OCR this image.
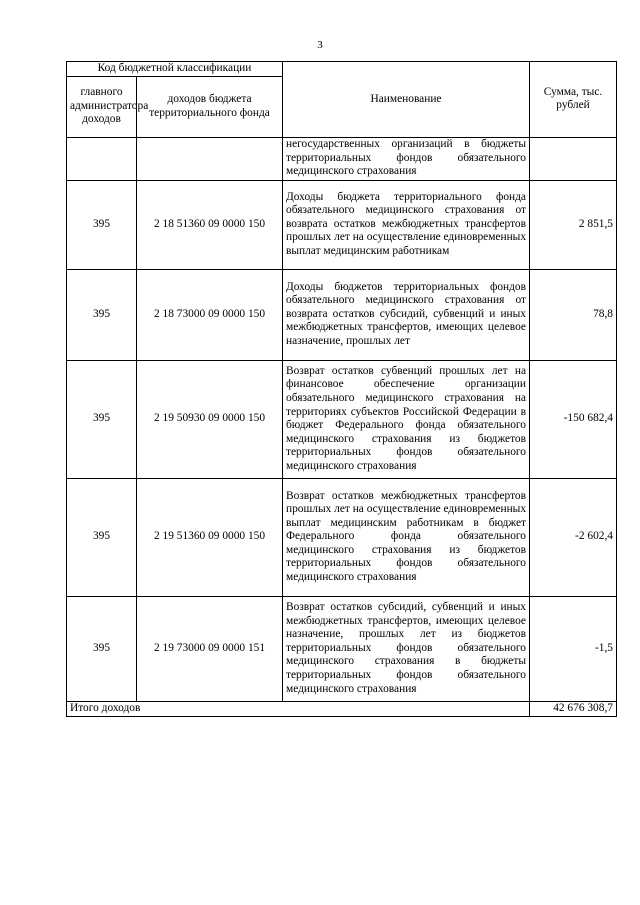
3
Код бюджетной классификации		Наименование	Сумма, тыс. рублей
главного администратора доходов	доходов бюджета территориального фонда		
		негосударственных организаций в бюджеты территориальных фондов обязательного медицинского страхования	
395	2 18 51360 09 0000 150	Доходы бюджета территориального фонда обязательного медицинского страхования от возврата остатков межбюджетных трансфертов прошлых лет на осуществление единовременных выплат медицинским работникам	2 851,5
395	2 18 73000 09 0000 150	Доходы бюджетов территориальных фондов обязательного медицинского страхования от возврата остатков субсидий, субвенций и иных межбюджетных трансфертов, имеющих целевое назначение, прошлых лет	78,8
395	2 19 50930 09 0000 150	Возврат остатков субвенций прошлых лет на финансовое обеспечение организации обязательного медицинского страхования на территориях субъектов Российской Федерации в бюджет Федерального фонда обязательного медицинского страхования из бюджетов территориальных фондов обязательного медицинского страхования	-150 682,4
395	2 19 51360 09 0000 150	Возврат остатков межбюджетных трансфертов прошлых лет на осуществление единовременных выплат медицинским работникам в бюджет Федерального фонда обязательного медицинского страхования из бюджетов территориальных фондов обязательного медицинского страхования	-2 602,4
395	2 19 73000 09 0000 151	Возврат остатков субсидий, субвенций и иных межбюджетных трансфертов, имеющих целевое назначение, прошлых лет из бюджетов территориальных фондов обязательного медицинского страхования в бюджеты территориальных фондов обязательного медицинского страхования	-1,5
Итого доходов			42 676 308,7
